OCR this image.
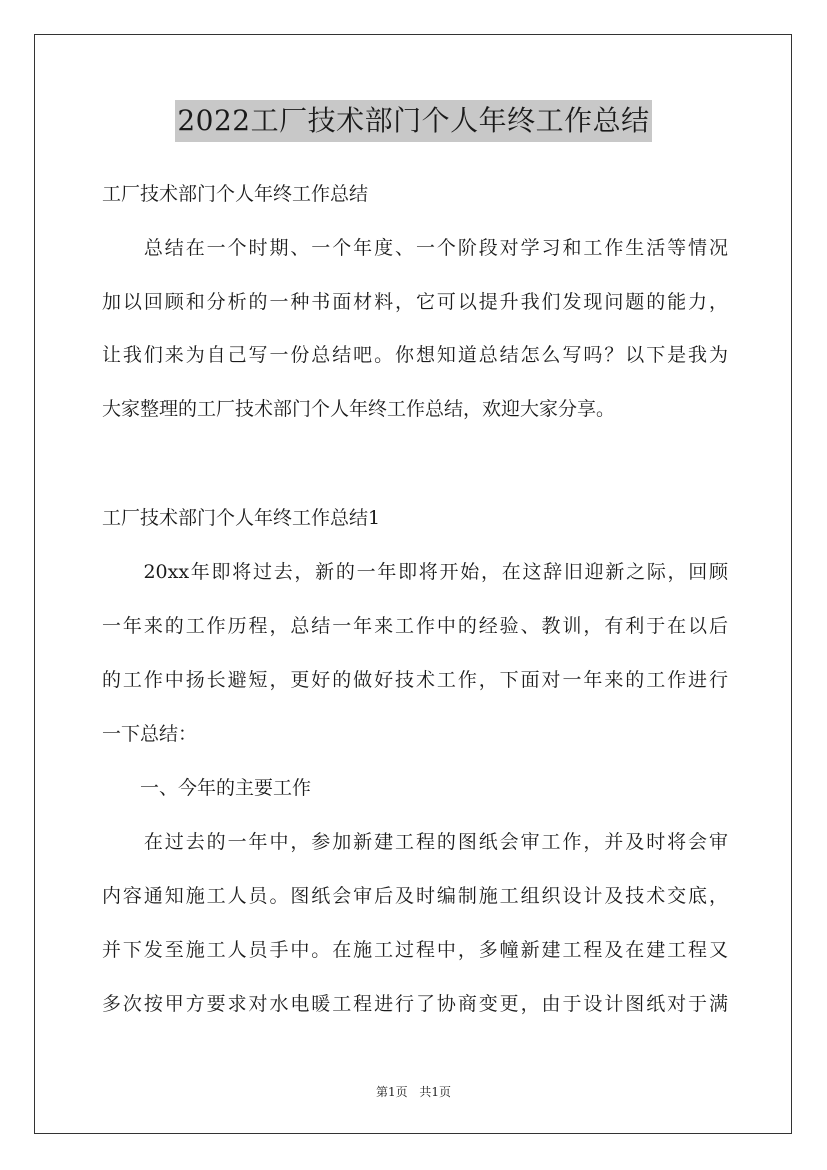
2022工厂技术部门个人年终工作总结
工厂技术部门个人年终工作总结
　　总结在一个时期、一个年度、一个阶段对学习和工作生活等情况
加以回顾和分析的一种书面材料，它可以提升我们发现问题的能力，
让我们来为自己写一份总结吧。你想知道总结怎么写吗？以下是我为
大家整理的工厂技术部门个人年终工作总结，欢迎大家分享。
工厂技术部门个人年终工作总结1
　　20xx年即将过去，新的一年即将开始，在这辞旧迎新之际，回顾
一年来的工作历程，总结一年来工作中的经验、教训，有利于在以后
的工作中扬长避短，更好的做好技术工作，下面对一年来的工作进行
一下总结：
　　一、今年的主要工作
　　在过去的一年中，参加新建工程的图纸会审工作，并及时将会审
内容通知施工人员。图纸会审后及时编制施工组织设计及技术交底，
并下发至施工人员手中。在施工过程中，多幢新建工程及在建工程又
多次按甲方要求对水电暖工程进行了协商变更，由于设计图纸对于满
第1页 共1页
